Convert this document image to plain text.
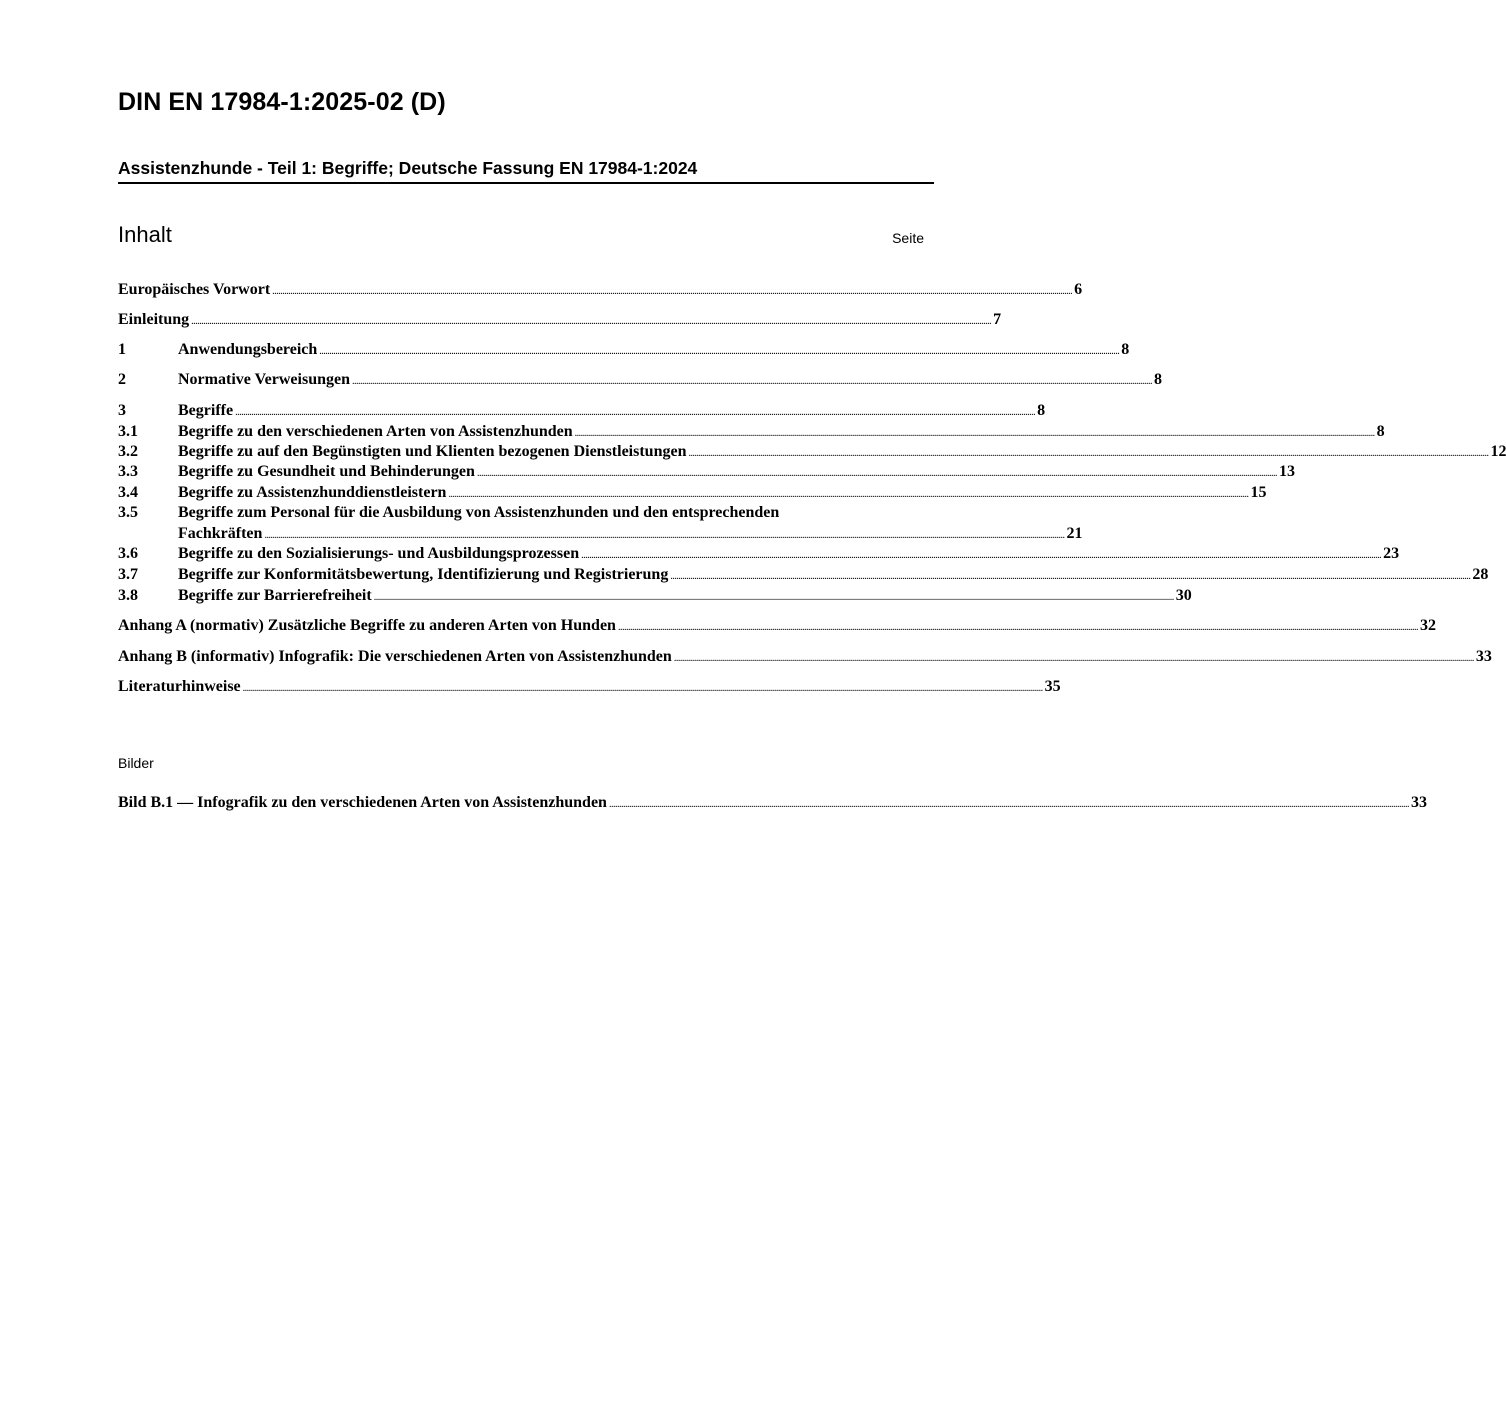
DIN EN 17984-1:2025-02 (D)
Assistenzhunde - Teil 1: Begriffe; Deutsche Fassung EN 17984-1:2024
Inhalt	Seite
Europäisches Vorwort ................................................................................................................................................................................................................................................................................................................................................................................................................ 6
Einleitung ................................................................................................................................................................................................................................................................................................................................................................................................................ 7
1	Anwendungsbereich ................................................................................................................................................................................................................................................................................................................................................................................................................ 8
2	Normative Verweisungen ................................................................................................................................................................................................................................................................................................................................................................................................................ 8
3	Begriffe ................................................................................................................................................................................................................................................................................................................................................................................................................ 8
3.1	Begriffe zu den verschiedenen Arten von Assistenzhunden ................................................................................................................................................................................................................................................................................................................................................................................................................ 8
3.2	Begriffe zu auf den Begünstigten und Klienten bezogenen Dienstleistungen ................................................................................................................................................................................................................................................................................................................................................................................................................ 12
3.3	Begriffe zu Gesundheit und Behinderungen ................................................................................................................................................................................................................................................................................................................................................................................................................ 13
3.4	Begriffe zu Assistenzhunddienstleistern ................................................................................................................................................................................................................................................................................................................................................................................................................ 15
3.5	Begriffe zum Personal für die Ausbildung von Assistenzhunden und den entsprechenden
Fachkräften ................................................................................................................................................................................................................................................................................................................................................................................................................ 21
3.6	Begriffe zu den Sozialisierungs- und Ausbildungsprozessen ................................................................................................................................................................................................................................................................................................................................................................................................................ 23
3.7	Begriffe zur Konformitätsbewertung, Identifizierung und Registrierung ................................................................................................................................................................................................................................................................................................................................................................................................................ 28
3.8	Begriffe zur Barrierefreiheit ................................................................................................................................................................................................................................................................................................................................................................................................................ 30
Anhang A (normativ) Zusätzliche Begriffe zu anderen Arten von Hunden ................................................................................................................................................................................................................................................................................................................................................................................................................ 32
Anhang B (informativ) Infografik: Die verschiedenen Arten von Assistenzhunden ................................................................................................................................................................................................................................................................................................................................................................................................................ 33
Literaturhinweise ................................................................................................................................................................................................................................................................................................................................................................................................................ 35
Bilder
Bild B.1 — Infografik zu den verschiedenen Arten von Assistenzhunden ................................................................................................................................................................................................................................................................................................................................................................................................................ 33
